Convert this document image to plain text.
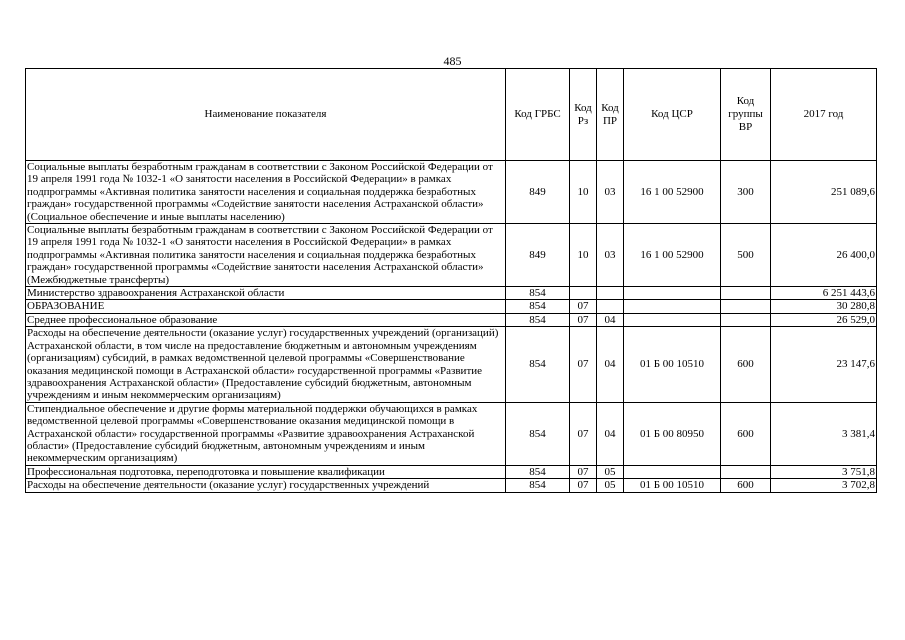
485
Наименование показателя	Код ГРБС	Код Рз	Код ПР	Код ЦСР	Код группы ВР	2017 год
Социальные выплаты безработным гражданам в соответствии с Законом Российской Федерации от 19 апреля 1991 года № 1032-1 «О занятости населения в Российской Федерации» в рамках подпрограммы «Активная политика занятости населения и социальная поддержка безработных граждан» государственной программы «Содействие занятости населения Астраханской области» (Социальное обеспечение и иные выплаты населению)	849	10	03	16 1 00 52900	300	251 089,6
Социальные выплаты безработным гражданам в соответствии с Законом Российской Федерации от 19 апреля 1991 года № 1032-1 «О занятости населения в Российской Федерации» в рамках подпрограммы «Активная политика занятости населения и социальная поддержка безработных граждан» государственной программы «Содействие занятости населения Астраханской области» (Межбюджетные трансферты)	849	10	03	16 1 00 52900	500	26 400,0
Министерство здравоохранения Астраханской области	854					6 251 443,6
ОБРАЗОВАНИЕ	854	07				30 280,8
Среднее профессиональное образование	854	07	04			26 529,0
Расходы на обеспечение деятельности (оказание услуг) государственных учреждений (организаций) Астраханской области, в том числе на предоставление бюджетным и автономным учреждениям (организациям) субсидий, в рамках ведомственной целевой программы «Совершенствование оказания медицинской помощи в Астраханской области» государственной программы «Развитие здравоохранения Астраханской области» (Предоставление субсидий бюджетным, автономным учреждениям и иным некоммерческим организациям)	854	07	04	01 Б 00 10510	600	23 147,6
Стипендиальное обеспечение и другие формы материальной поддержки обучающихся в рамках ведомственной целевой программы «Совершенствование оказания медицинской помощи в Астраханской области» государственной программы «Развитие здравоохранения Астраханской области» (Предоставление субсидий бюджетным, автономным учреждениям и иным некоммерческим организациям)	854	07	04	01 Б 00 80950	600	3 381,4
Профессиональная подготовка, переподготовка и повышение квалификации	854	07	05			3 751,8
Расходы на обеспечение деятельности (оказание услуг) государственных учреждений	854	07	05	01 Б 00 10510	600	3 702,8
